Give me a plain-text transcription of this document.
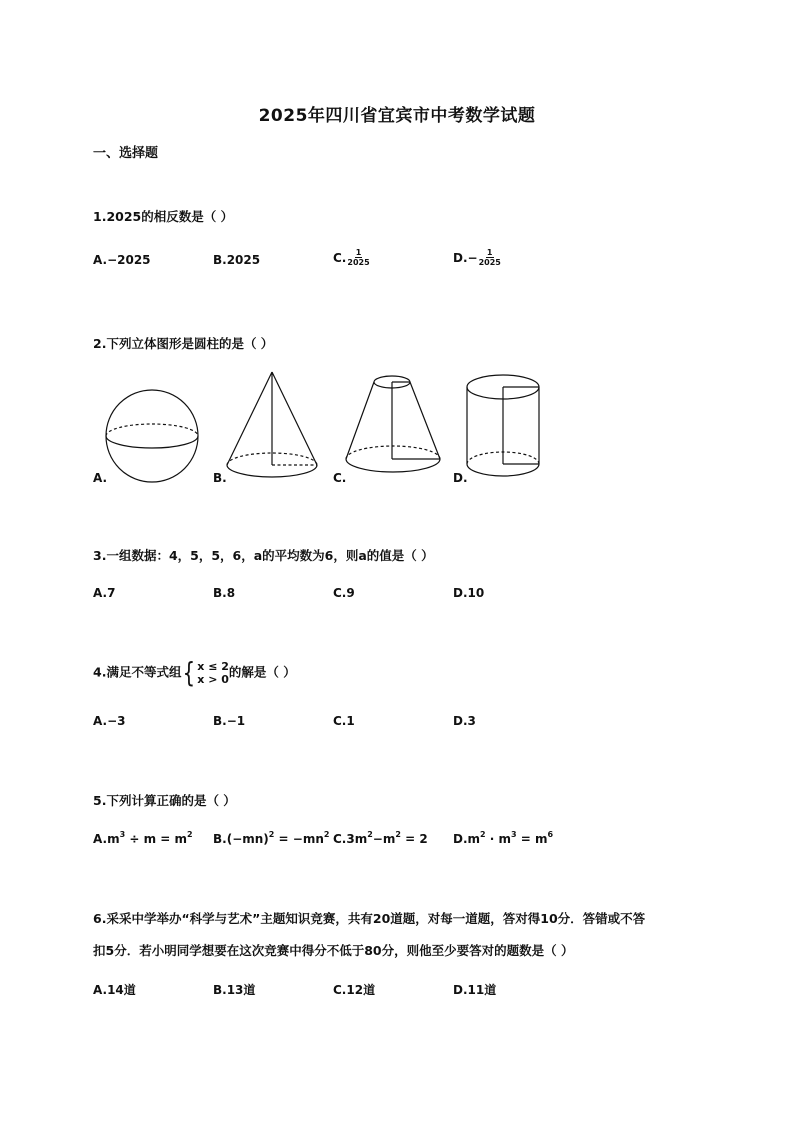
2025年四川省宜宾市中考数学试题
一、选择题
1.2025的相反数是（ ）
A.−2025	B.2025	C. $\frac{1}{2025}$	$D.- \frac{1}{2025}$
2.下列立体图形是圆柱的是（ ）
A.	B.	C.	D.
3.一组数据：4，5，5，6，a的平均数为6，则a的值是（ ）
A.7	B.8	C.9	D.10
4.满足不等式组 { x ≤ 2
x > 0 的解是（ ）
A.−3	B.−1	C.1	D.3
5.下列计算正确的是（ ）
$A.m^3 \div m = m^2$ $B.(-mn)^2 = -mn^2$ $C.3m^2-m^2 = 2$ $D.m^2 \cdot m^3 = m^6$
6.采采中学举办“科学与艺术”主题知识竞赛，共有20道题，对每一道题，答对得10分．答错或不答
扣5分．若小明同学想要在这次竞赛中得分不低于80分，则他至少要答对的题数是（ ）
A.14道	B.13道	C.12道	D.11道
